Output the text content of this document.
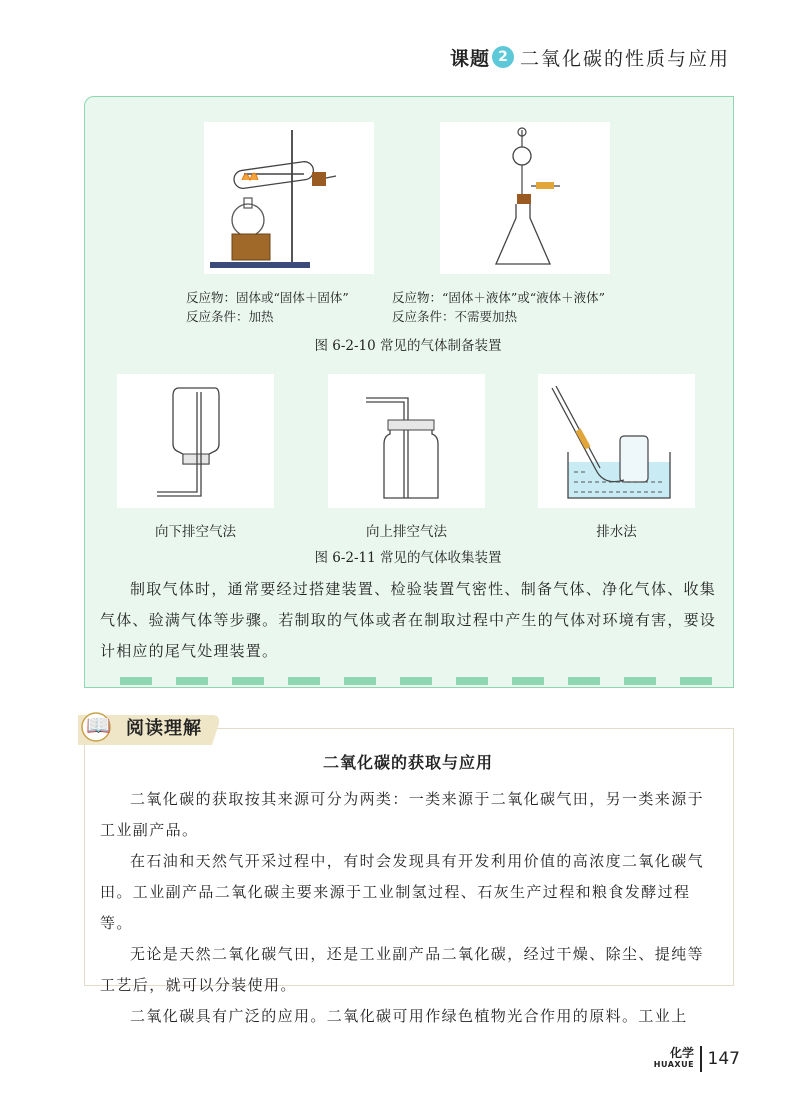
课题 2 二氧化碳的性质与应用
反应物：固体或“固体＋固体”
反应条件：加热
反应物：“固体＋液体”或“液体＋液体”
反应条件：不需要加热
图 6-2-10 常见的气体制备装置
向下排空气法	向上排空气法	排水法
图 6-2-11 常见的气体收集装置

制取气体时，通常要经过搭建装置、检验装置气密性、制备气体、净化气体、收集气体、验满气体等步骤。若制取的气体或者在制取过程中产生的气体对环境有害，要设计相应的尾气处理装置。

📖 阅读理解
二氧化碳的获取与应用

二氧化碳的获取按其来源可分为两类：一类来源于二氧化碳气田，另一类来源于工业副产品。

在石油和天然气开采过程中，有时会发现具有开发利用价值的高浓度二氧化碳气田。工业副产品二氧化碳主要来源于工业制氢过程、石灰生产过程和粮食发酵过程等。

无论是天然二氧化碳气田，还是工业副产品二氧化碳，经过干燥、除尘、提纯等工艺后，就可以分装使用。

二氧化碳具有广泛的应用。二氧化碳可用作绿色植物光合作用的原料。工业上

化学
HUAXUE 147
